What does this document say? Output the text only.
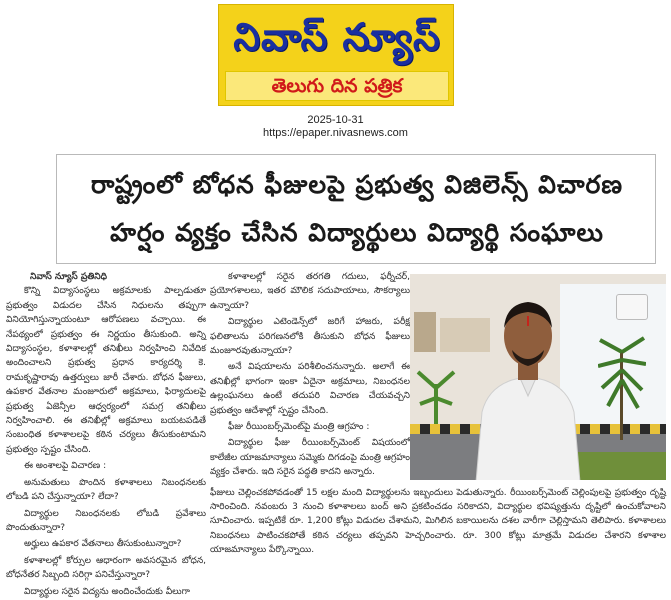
నివాస్ న్యూస్
తెలుగు దిన పత్రిక
2025-10-31
https://epaper.nivasnews.com
రాష్ట్రంలో బోధన ఫీజులపై ప్రభుత్వ విజిలెన్స్ విచారణ
హర్షం వ్యక్తం చేసిన విద్యార్థులు విద్యార్థి సంఘాలు
నివాస్ న్యూస్ ప్రతినిధి
కొన్ని విద్యాసంస్థలు అక్రమాలకు పాల్పడుతూ ప్రభుత్వం విడుదల చేసిన నిధులను తప్పుగా వినియోగిస్తున్నాయంటూ ఆరోపణలు వచ్చాయి. ఈ నేపథ్యంలో ప్రభుత్వం ఈ నిర్ణయం తీసుకుంది. అన్ని విద్యాసంస్థల, కళాశాలల్లో తనిఖీలు నిర్వహించి నివేదిక అందించాలని ప్రభుత్వ ప్రధాన కార్యదర్శి కె. రామకృష్ణారావు ఉత్తర్వులు జారీ చేశారు. బోధన ఫీజులు, ఉపకార వేతనాల మంజూరులో అక్రమాలు, ఫిర్యాదులపై ప్రభుత్వ ఏజెన్సీల ఆధ్వర్యంలో సమగ్ర తనిఖీలు నిర్వహించాలి. ఈ తనిఖీల్లో అక్రమాలు బయటపడితే సంబంధిత కళాశాలలపై కఠిన చర్యలు తీసుకుంటామని ప్రభుత్వం స్పష్టం చేసింది.
ఈ అంశాలపై విచారణ :
అనుమతులు పొందిన కళాశాలలు నిబంధనలకు లోబడి పని చేస్తున్నాయా? లేదా?
విద్యార్థుల నిబంధనలకు లోబడి ప్రవేశాలు పొందుతున్నారా?
అర్హులు ఉపకార వేతనాలు తీసుకుంటున్నారా?
కళాశాలల్లో కోర్సుల ఆధారంగా అవసరమైన బోధన, బోధనేతర సిబ్బంది సరిగ్గా పనిచేస్తున్నారా?
విద్యార్థుల సరైన విద్యను అందించేందుకు వీలుగా
కళాశాలల్లో సరైన తరగతి గదులు, ఫర్నీచర్, ప్రయోగశాలలు, ఇతర మౌలిక సదుపాయాలు, సౌకర్యాలు ఉన్నాయా?
విద్యార్థుల ఎటెండెన్స్‌లో జరిగే హాజరు, పరీక్ష ఫలితాలను పరిగణనలోకి తీసుకుని బోధన ఫీజులు మంజూరవుతున్నాయా?
అనే విషయాలను పరిశీలించనున్నారు. అలాగే ఈ తనిఖీల్లో భాగంగా ఇంకా ఏదైనా అక్రమాలు, నిబంధనల ఉల్లంఘనలు ఉంటే తదుపరి విచారణ చేయవచ్చని ప్రభుత్వం ఆదేశాల్లో స్పష్టం చేసింది.
ఫీజు రీయింబర్స్‌మెంట్‌పై మంత్రి ఆగ్రహం :
విద్యార్థుల ఫీజు రీయింబర్స్‌మెంట్ విషయంలో కాలేజీల యాజమాన్యాలు సమ్మెకు దిగడంపై మంత్రి ఆగ్రహం వ్యక్తం చేశారు. ఇది సరైన పద్ధతి కాదని అన్నారు.
ఫీజులు చెల్లించకపోవడంతో 15 లక్షల మంది విద్యార్థులను ఇబ్బందులు పెడుతున్నారు. రీయింబర్స్‌మెంట్ చెల్లింపులపై ప్రభుత్వం దృష్టి సారించింది. నవంబరు 3 నుంచి కళాశాలలు బంద్ అని ప్రకటించడం సరికాదని, విద్యార్థుల భవిష్యత్తును దృష్టిలో ఉంచుకోవాలని సూచించారు. ఇప్పటికే రూ. 1,200 కోట్లు విడుదల చేశామని, మిగిలిన బకాయిలను దశల వారీగా చెల్లిస్తామని తెలిపారు. కళాశాలలు నిబంధనలు పాటించకపోతే కఠిన చర్యలు తప్పవని హెచ్చరించారు. రూ. 300 కోట్లు మాత్రమే విడుదల చేశారని కళాశాల యాజమాన్యాలు పేర్కొన్నాయి.
